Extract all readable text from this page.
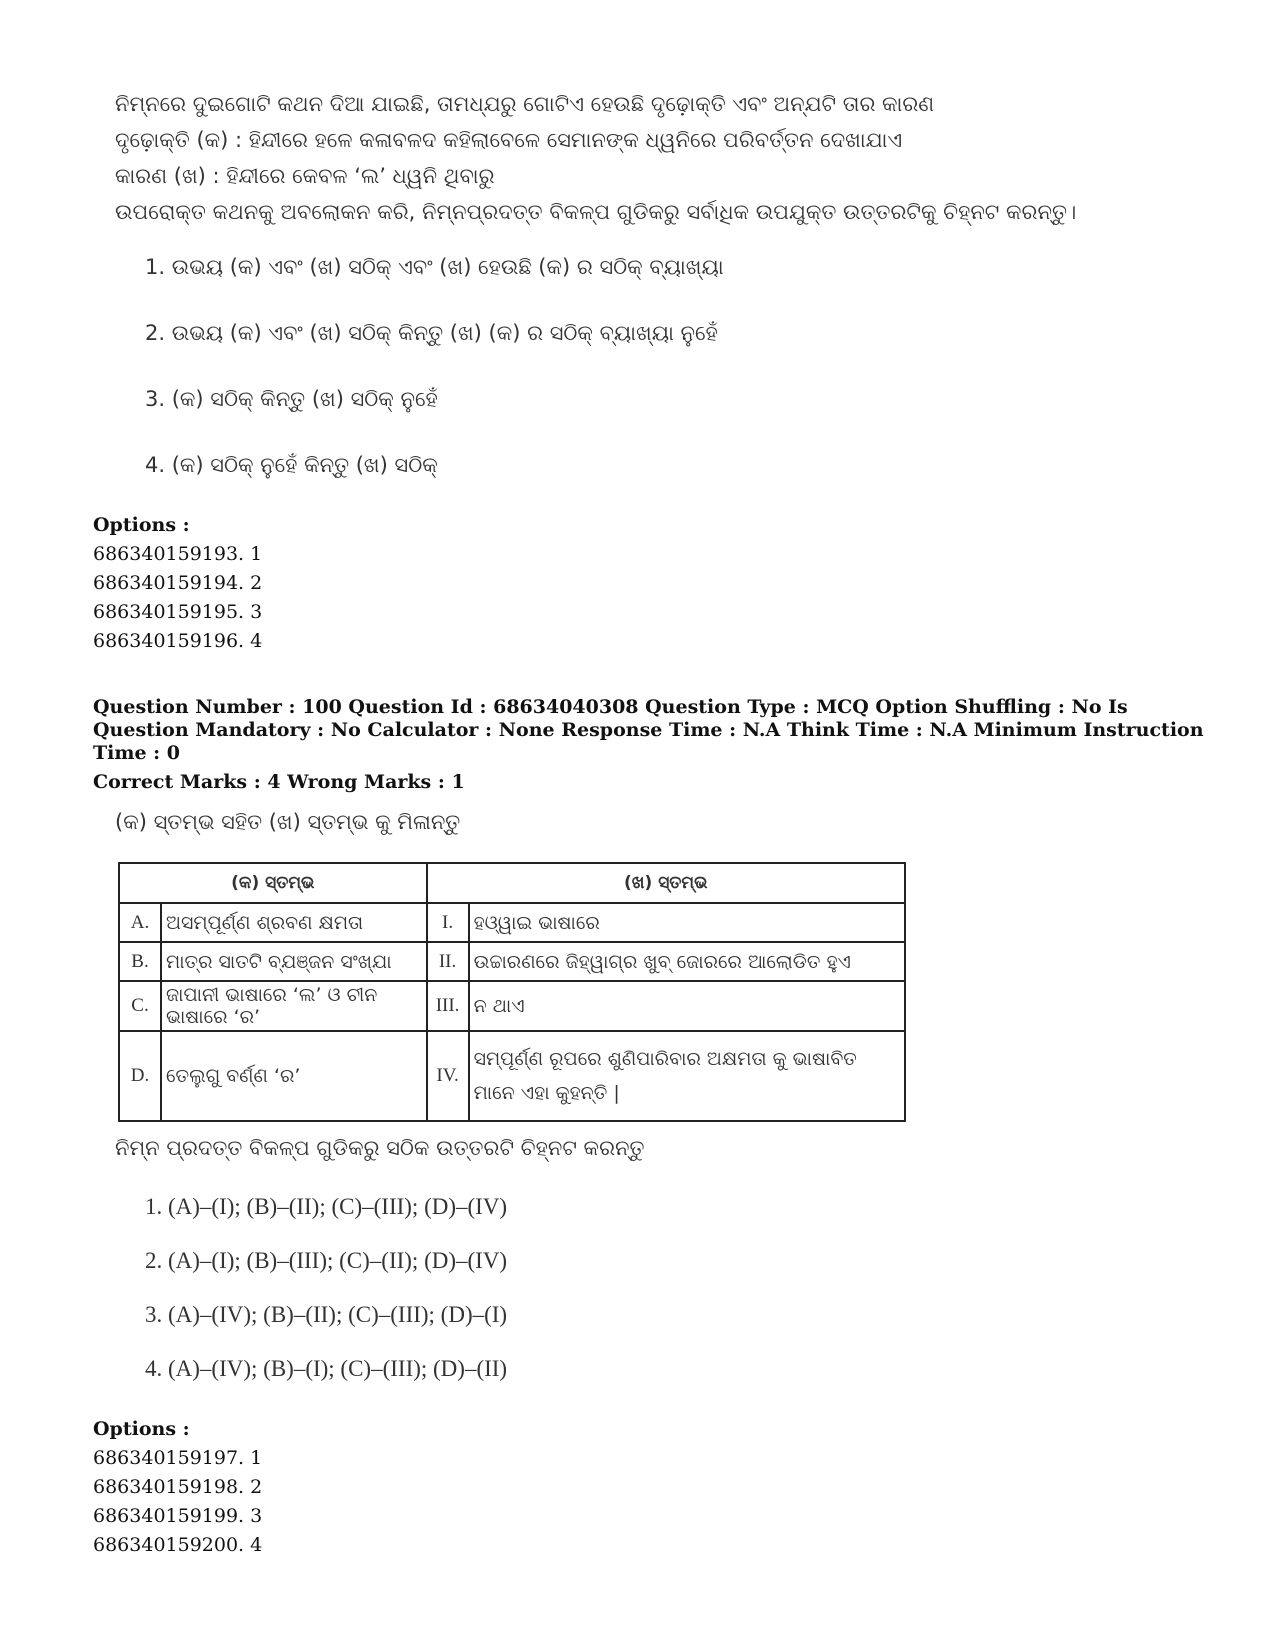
ନିମ୍ନରେ ଦୁଇଗୋଟି କଥନ ଦିଆ ଯାଇଛି, ତାମଧ୍ଯରୁ ଗୋଟିଏ ହେଉଛି ଦୃଢ଼ୋକ୍ତି ଏବଂ ଅନ୍ଯଟି ତାର କାରଣ
ଦୃଢ଼ୋକ୍ତି (କ) : ହିନ୍ଦୀରେ ହଳେ କଳାବଳଦ କହିଲାବେଳେ ସେମାନଙ୍କ ଧ୍ୱନିରେ ପରିବର୍ତ୍ତନ ଦେଖାଯାଏ
କାରଣ (ଖ) : ହିନ୍ଦୀରେ କେବଳ ‘ଲ’ ଧ୍ୱନି ଥିବାରୁ
ଉପରୋକ୍ତ କଥନକୁ ଅବଲୋକନ କରି, ନିମ୍ନପ୍ରଦତ୍ତ ବିକଳ୍ପ ଗୁଡିକରୁ ସର୍ବାଧିକ ଉପଯୁକ୍ତ ଉତ୍ତରଟିକୁ ଚିହ୍ନଟ କରନ୍ତୁ।
1. ଉଭୟ (କ) ଏବଂ (ଖ) ସଠିକ୍ ଏବଂ (ଖ) ହେଉଛି (କ) ର ସଠିକ୍ ବ୍ୟାଖ୍ୟା
2. ଉଭୟ (କ) ଏବଂ (ଖ) ସଠିକ୍ କିନ୍ତୁ (ଖ) (କ) ର ସଠିକ୍ ବ୍ୟାଖ୍ୟା ନୁହେଁ
3. (କ) ସଠିକ୍ କିନ୍ତୁ (ଖ) ସଠିକ୍ ନୁହେଁ
4. (କ) ସଠିକ୍ ନୁହେଁ କିନ୍ତୁ (ଖ) ସଠିକ୍
Options :
686340159193. 1
686340159194. 2
686340159195. 3
686340159196. 4
Question Number : 100 Question Id : 68634040308 Question Type : MCQ Option Shuffling : No Is Question Mandatory : No Calculator : None Response Time : N.A Think Time : N.A Minimum Instruction Time : 0
Correct Marks : 4 Wrong Marks : 1
(କ) ସ୍ତମ୍ଭ ସହିତ (ଖ) ସ୍ତମ୍ଭ କୁ ମିଳାନ୍ତୁ
(କ) ସ୍ତମ୍ଭ		(ଖ) ସ୍ତମ୍ଭ	
A.	ଅସମ୍ପୂର୍ଣ୍ଣ ଶ୍ରବଣ କ୍ଷମତା	I.	ହଓ୍ୱାଇ ଭାଷାରେ
B.	ମାତ୍ର ସାତଟି ବ୍ଯଞ୍ଜନ ସଂଖ୍ଯା	II.	ଉଚ୍ଚାରଣରେ ଜିହ୍ୱାଗ୍ର ଖୁବ୍ ଜୋରରେ ଆଲୋଡିତ ହୁଏ
C.	ଜାପାନୀ ଭାଷାରେ ‘ଲ’ ଓ ଚୀନ ଭାଷାରେ ‘ର’	III.	ନ ଥାଏ
D.	ତେଲୁଗୁ ବର୍ଣ୍ଣ ‘ର’	IV.	ସମ୍ପୂର୍ଣ୍ଣ ରୂପରେ ଶୁଣିପାରିବାର ଅକ୍ଷମତା କୁ ଭାଷାବିତ ମାନେ ଏହା କୁହନ୍ତି |
ନିମ୍ନ ପ୍ରଦତ୍ତ ବିକଳ୍ପ ଗୁଡିକରୁ ସଠିକ ଉତ୍ତରଟି ଚିହ୍ନଟ କରନ୍ତୁ
1. (A)–(I); (B)–(II); (C)–(III); (D)–(IV)
2. (A)–(I); (B)–(III); (C)–(II); (D)–(IV)
3. (A)–(IV); (B)–(II); (C)–(III); (D)–(I)
4. (A)–(IV); (B)–(I); (C)–(III); (D)–(II)
Options :
686340159197. 1
686340159198. 2
686340159199. 3
686340159200. 4
